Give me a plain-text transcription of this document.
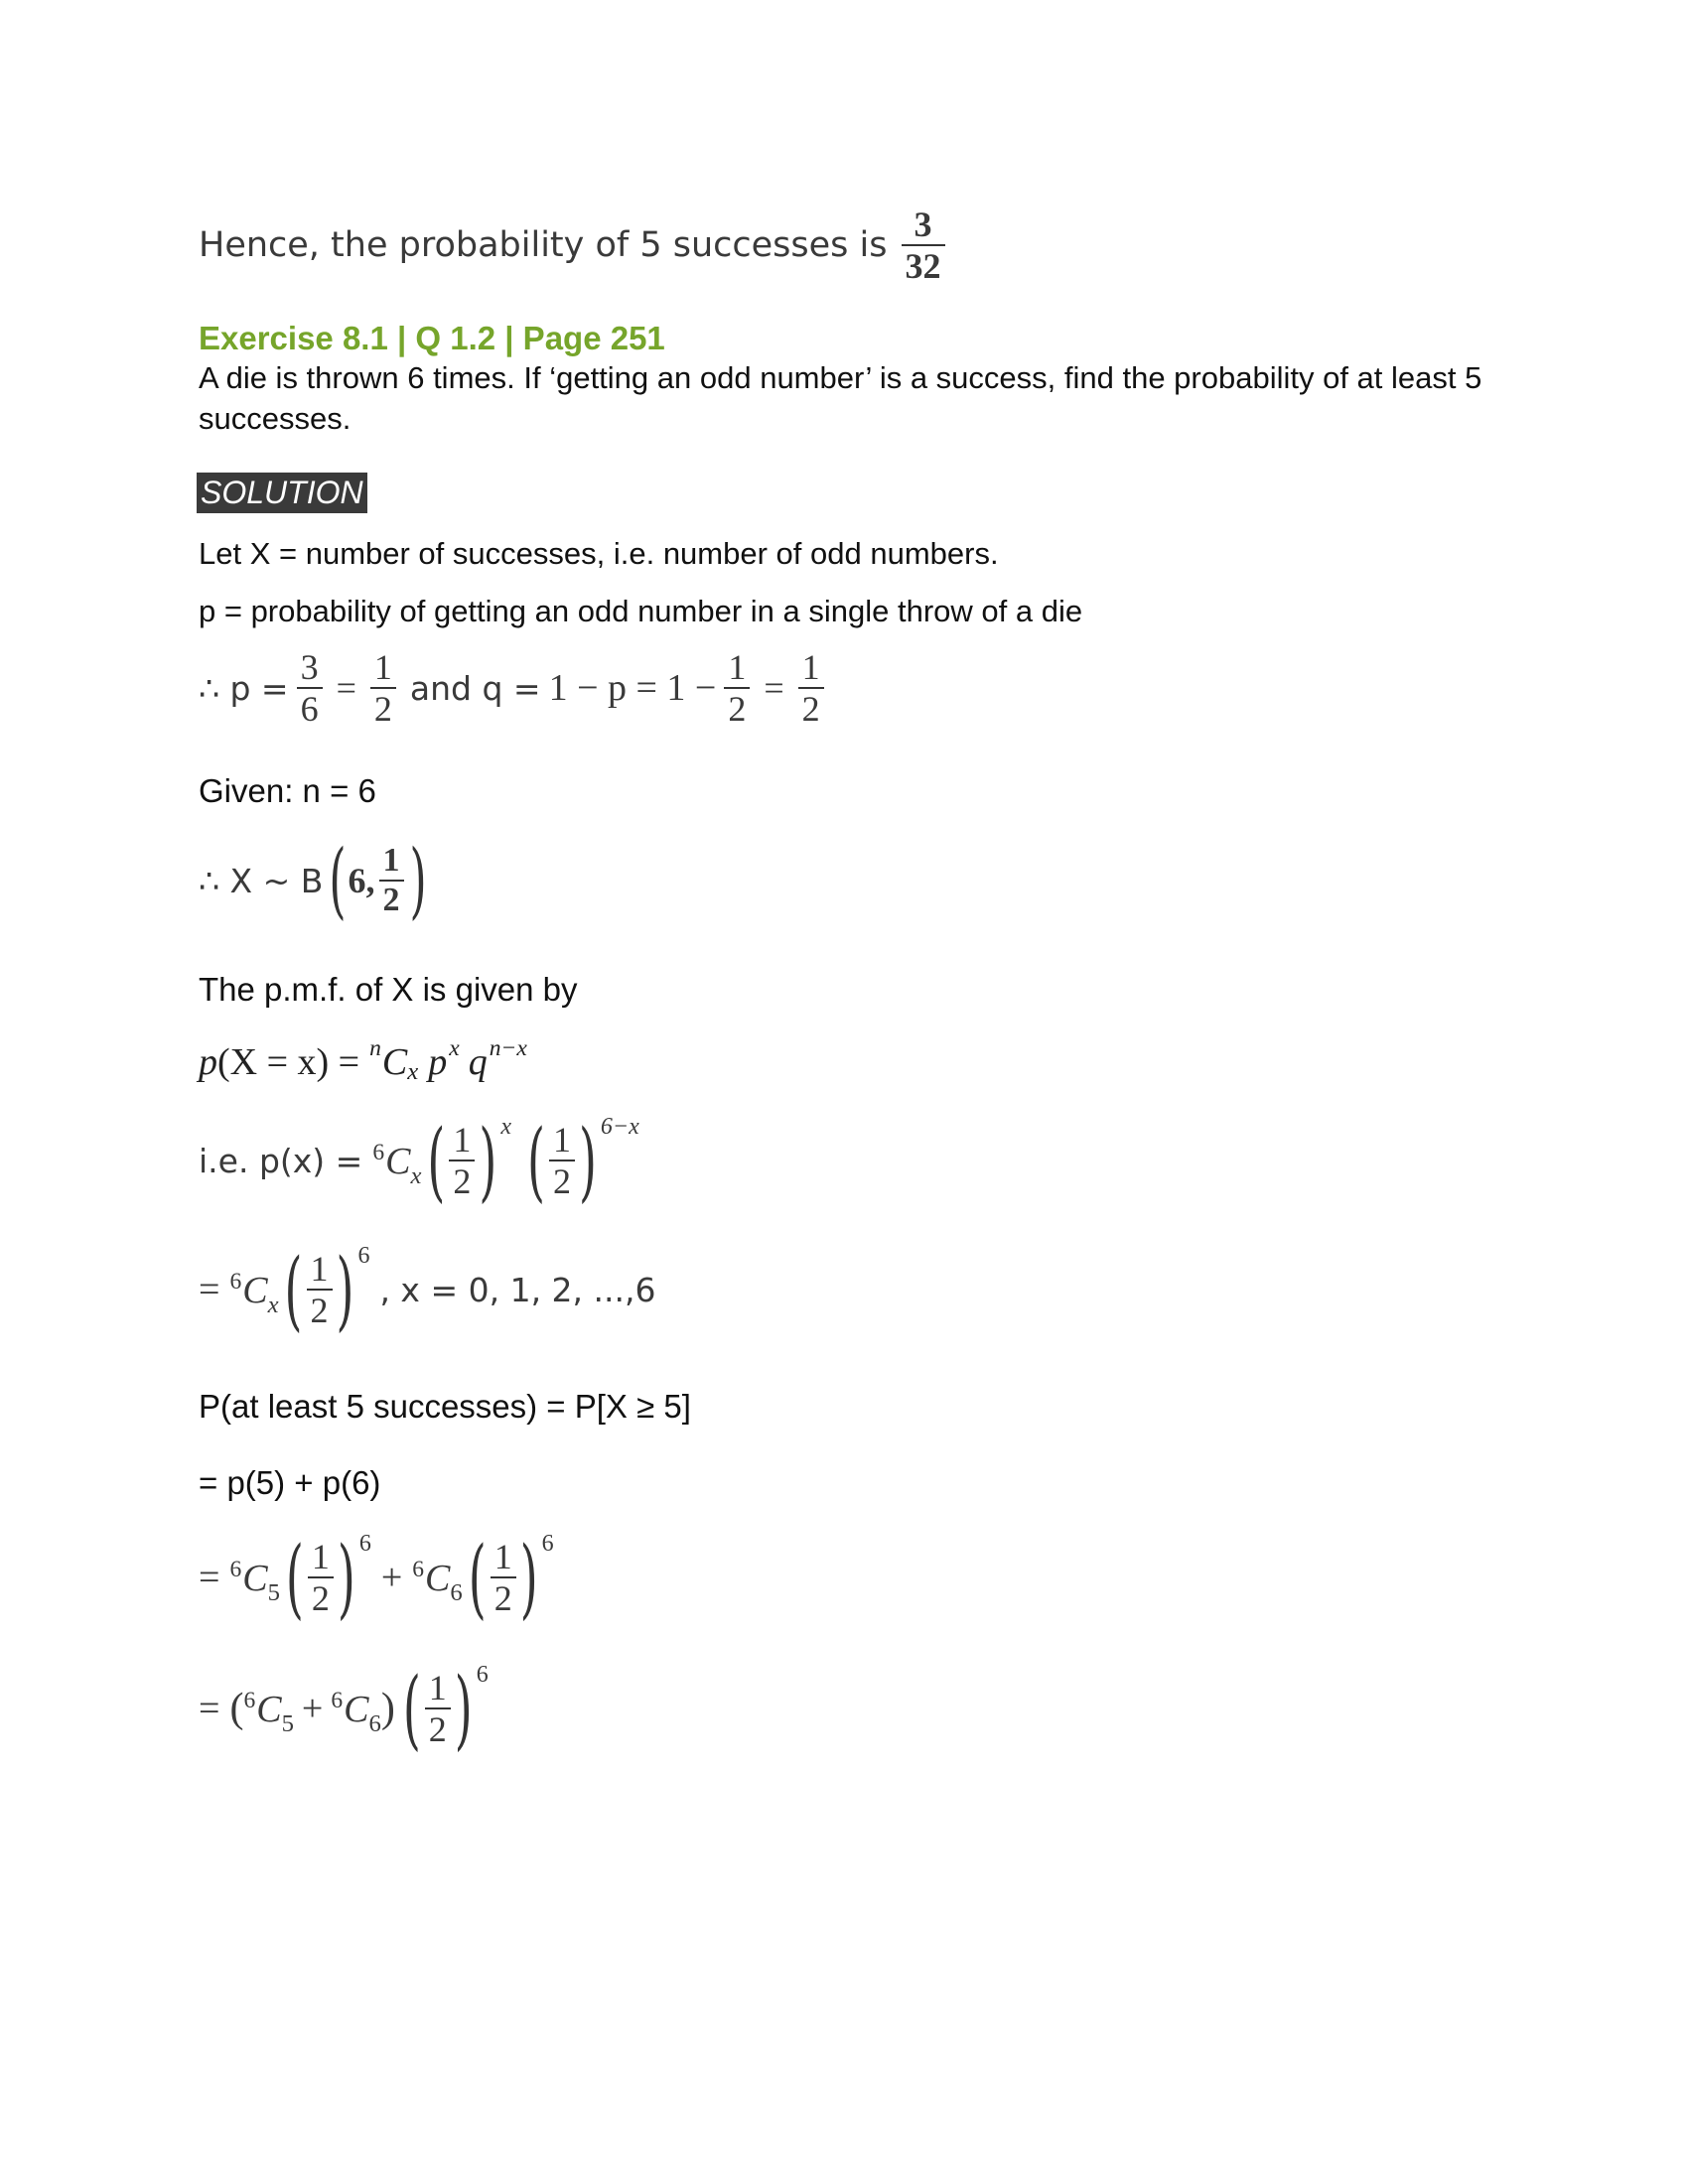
Hence, the probability of 5 successes is $\frac{3}{32}$
Exercise 8.1 | Q 1.2 | Page 251
A die is thrown 6 times. If ‘getting an odd number’ is a success, find the probability of at least 5 successes.
SOLUTION
Let X = number of successes, i.e. number of odd numbers.
p = probability of getting an odd number in a single throw of a die
∴ $p = \frac{3}{6} = \frac{1}{2}$ and $q = 1 - p = 1 - \frac{1}{2} = \frac{1}{2}$
Given: n = 6
∴ X ~ B ( 6, $\frac{1}{2}$ )
The p.m.f. of X is given by
p (X = x) = n C x p x q n−x
i.e. $p(x) = ^6C_x$ ( $\frac{1}{2}$ ) x ( $\frac{1}{2}$ ) 6−x
= $^6C_x$ ( $\frac{1}{2}$ ) 6
, x = 0, 1, 2, ...,6
P(at least 5 successes) = P[X ≥ 5]
= p(5) + p(6)
= $^6C_5$ ( $\frac{1}{2}$ ) 6
+ $^6C_6$ ( $\frac{1}{2}$ ) 6
= ( $^6C_5 + ^6C_6$ ) ( $\frac{1}{2}$ ) 6
